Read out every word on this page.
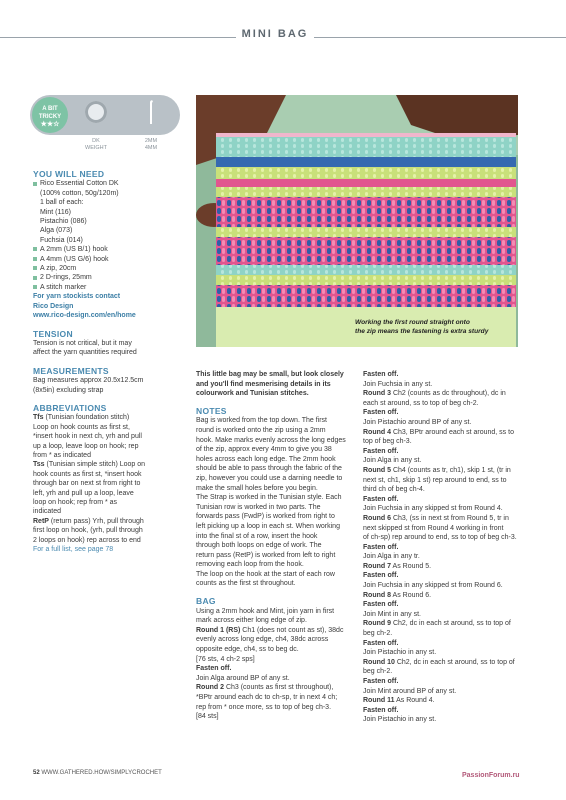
MINI BAG
A BIT
TRICKY
★★☆
DK
WEIGHT
2MM
4MM
YOU WILL NEED
Rico Essential Cotton DK
(100% cotton, 50g/120m)
1 ball of each:
Mint (116)
Pistachio (086)
Alga (073)
Fuchsia (014)
A 2mm (US B/1) hook
A 4mm (US G/6) hook
A zip, 20cm
2 D-rings, 25mm
A stitch marker
For yarn stockists contact
Rico Design
www.rico-design.com/en/home
TENSION
Tension is not critical, but it may
affect the yarn quantities required
MEASUREMENTS
Bag measures approx 20.5x12.5cm
(8x5in) excluding strap
ABBREVIATIONS
Tfs (Tunisian foundation stitch)
Loop on hook counts as first st,
*insert hook in next ch, yrh and pull
up a loop, leave loop on hook; rep
from * as indicated
Tss (Tunisian simple stitch) Loop on
hook counts as first st, *insert hook
through bar on next st from right to
left, yrh and pull up a loop, leave
loop on hook; rep from * as
indicated
RetP (return pass) Yrh, pull through
first loop on hook, (yrh, pull through
2 loops on hook) rep across to end
For a full list, see page 78
Working the first round straight onto
the zip means the fastening is extra sturdy
This little bag may be small, but look closely
and you'll find mesmerising details in its
colourwork and Tunisian stitches.
NOTES
Bag is worked from the top down. The first
round is worked onto the zip using a 2mm
hook. Make marks evenly across the long edges
of the zip, approx every 4mm to give you 38
holes across each long edge. The 2mm hook
should be able to pass through the fabric of the
zip, however you could use a darning needle to
make the small holes before you begin.
The Strap is worked in the Tunisian style. Each
Tunisian row is worked in two parts. The
forwards pass (FwdP) is worked from right to
left picking up a loop in each st. When working
into the final st of a row, insert the hook
through both loops on edge of work. The
return pass (RetP) is worked from left to right
removing each loop from the hook.
The loop on the hook at the start of each row
counts as the first st throughout.
BAG
Using a 2mm hook and Mint, join yarn in first
mark across either long edge of zip.
Round 1 (RS) Ch1 (does not count as st), 38dc
evenly across long edge, ch4, 38dc across
opposite edge, ch4, ss to beg dc.
[76 sts, 4 ch-2 sps]
Fasten off.
Join Alga around BP of any st.
Round 2 Ch3 (counts as first st throughout),
*BPtr around each dc to ch-sp, tr in next 4 ch;
rep from * once more, ss to top of beg ch-3.
[84 sts]
Fasten off.
Join Fuchsia in any st.
Round 3 Ch2 (counts as dc throughout), dc in
each st around, ss to top of beg ch-2.
Fasten off.
Join Pistachio around BP of any st.
Round 4 Ch3, BPtr around each st around, ss to
top of beg ch-3.
Fasten off.
Join Alga in any st.
Round 5 Ch4 (counts as tr, ch1), skip 1 st, (tr in
next st, ch1, skip 1 st) rep around to end, ss to
third ch of beg ch-4.
Fasten off.
Join Fuchsia in any skipped st from Round 4.
Round 6 Ch3, (ss in next st from Round 5, tr in
next skipped st from Round 4 working in front
of ch-sp) rep around to end, ss to top of beg ch-3.
Fasten off.
Join Alga in any tr.
Round 7 As Round 5.
Fasten off.
Join Fuchsia in any skipped st from Round 6.
Round 8 As Round 6.
Fasten off.
Join Mint in any st.
Round 9 Ch2, dc in each st around, ss to top of
beg ch-2.
Fasten off.
Join Pistachio in any st.
Round 10 Ch2, dc in each st around, ss to top of
beg ch-2.
Fasten off.
Join Mint around BP of any st.
Round 11 As Round 4.
Fasten off.
Join Pistachio in any st.
52 WWW.GATHERED.HOW/SIMPLYCROCHET	PassionForum.ru
